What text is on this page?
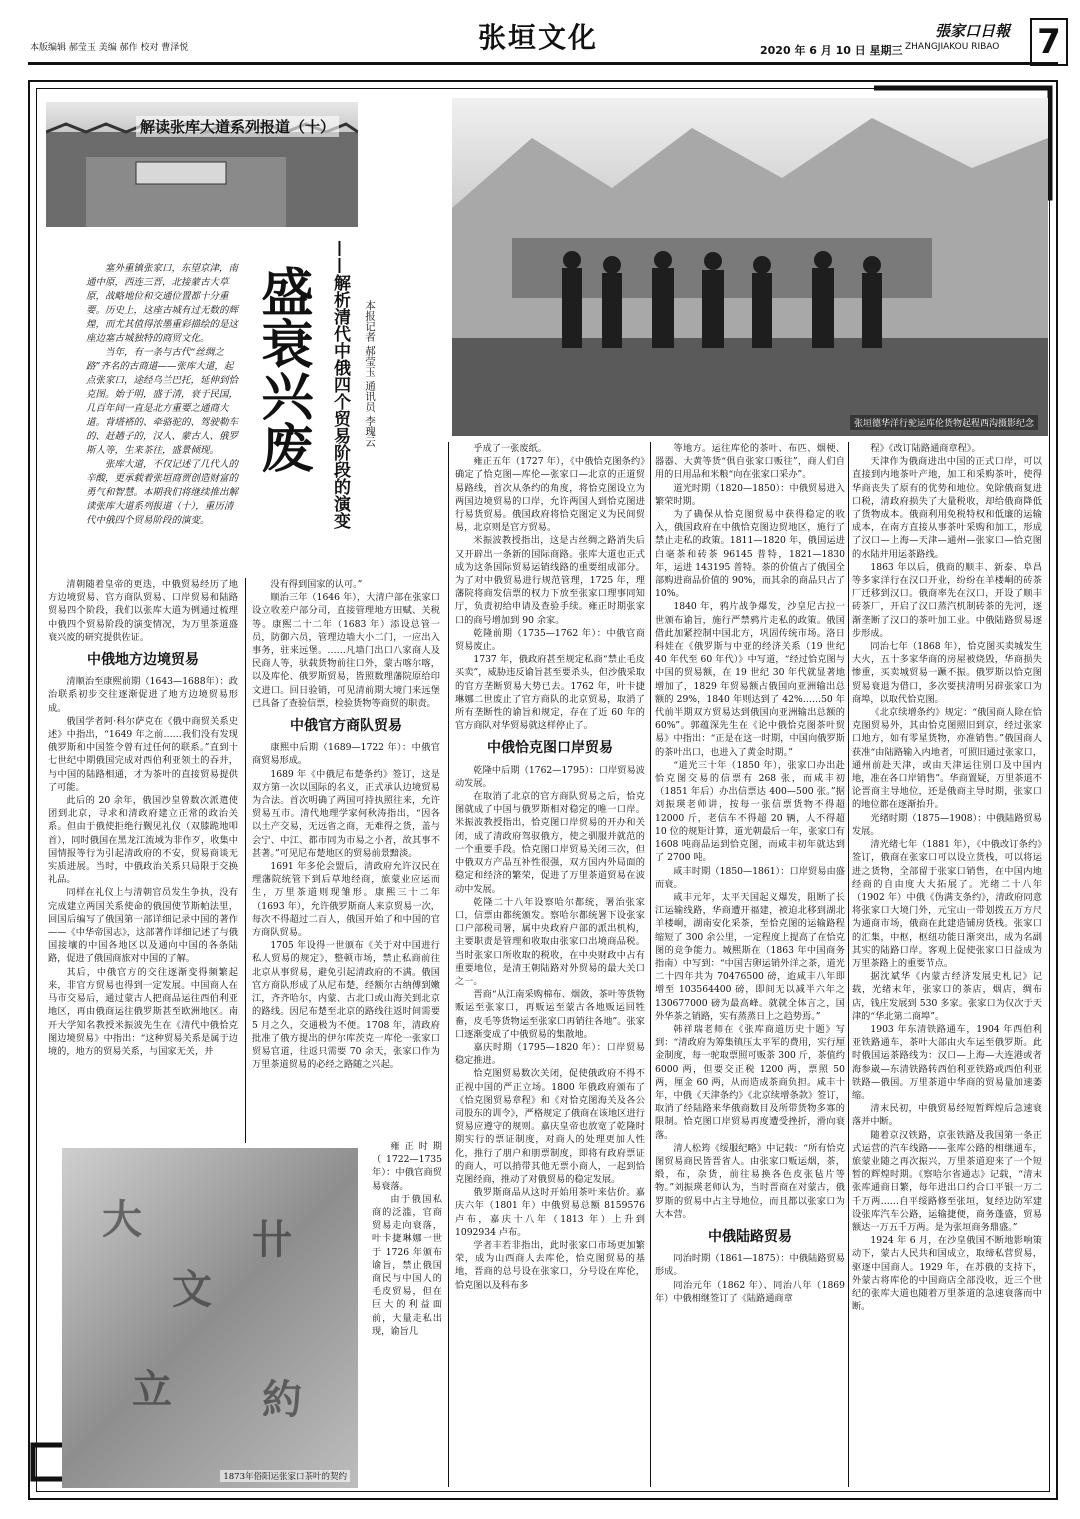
本版编辑 郝莹玉 美编 郝作 校对 曹泽悦	张垣文化	2020 年 6 月 10 日 星期三
張家口日報
ZHANGJIAKOU RIBAO 7
解读张库大道系列报道（十）
张垣德华洋行驼运库伦货物起程西沟摄影纪念

塞外重镇张家口，东望京津，南通中原，西连三晋，北接蒙古大草原，战略地位和交通位置都十分重要。历史上，这座古城有过无数的辉煌，而尤其值得浓墨重彩描绘的是这座边塞古城独特的商贸文化。

当年，有一条与古代“丝绸之路”齐名的古商道——张库大道，起点张家口，途经乌兰巴托，延伸到恰克图。始于明，盛于清，衰于民国，几百年间一直是北方重要之通商大道。背塔褡的、牵骆驼的、驾驶勒车的、赶趟子的，汉人、蒙古人、俄罗斯人等，生来茶往，盛景倾现。

张库大道，不仅记述了几代人的辛酸，更承载着张垣商贾创造财富的勇气和智慧。本期我们将继续推出解读张库大道系列报道（十），重历清代中俄四个贸易阶段的演变。

盛衰兴废 ——解析清代中俄四个贸易阶段的演变	本报记者 郝莹玉 通讯员 李瑰云

清朝随着皇帝的更迭，中俄贸易经历了地方边境贸易、官方商队贸易、口岸贸易和陆路贸易四个阶段，我们以张库大道为例通过梳理中俄四个贸易阶段的演变情况，为万里茶道盛衰兴废的研究提供佐证。

中俄地方边境贸易

清顺治至康熙前期（1643—1688年）：政治联系初步交往逐渐促进了地方边境贸易形成。

俄国学者阿·科尔萨克在《俄中商贸关系史述》中指出，“1649 年之前……我们没有发现俄罗斯和中国签令曾有过任何的联系。”直到十七世纪中期俄国完成对西伯利亚领土的吞并，与中国的陆路相通，才为茶叶的直接贸易提供了可能。

此后的 20 余年，俄国沙皇曾数次派遣使团到北京，寻求和清政府建立正常的政治关系。但由于俄使拒绝行觐见礼仪（双膝跪地叩首），同时俄国在黑龙江流域为非作歹，收集中国情报等行为引起清政府的不安，贸易商谈无实质进展。当时，中俄政治关系只局限于交换礼品。

同样在礼仪上与清朝官员发生争执，没有完成建立两国关系使命的俄国使节斯帕法里，回国后编写了俄国第一部详细记录中国的著作——《中华帝国志》，这部著作详细记述了与俄国接壤的中国各地区以及通向中国的各条陆路，促进了俄国商旅对中国的了解。

其后，中俄官方的交往逐渐变得频繁起来，非官方贸易也得到一定发展。中国商人在马市交易后，通过蒙古人把商品运往西伯利亚地区，再由俄商运往俄罗斯甚至欧洲地区。南开大学知名教授米振波先生在《清代中俄恰克图边境贸易》中指出：“这种贸易关系是属于边境的，地方的贸易关系，与国家无关，并

没有得到国家的认可。”

顺治三年（1646 年），大清户部在张家口设立收差户部分司，直接管理地方田赋、关税等。康熙二十二年（1683 年）添设总管一员，防御六员，管理边墙大小二门，一应出入事务，驻来远堡。……凡墙门出口八家商人及民商人等，驮载货物前往口外，蒙古喀尔喀，以及库伦、俄罗斯贸易，皆照数理藩院原给印文进口。回日验销，可见清前期大境门来远堡已具备了查验信票，检验货物等商贸的职责。

中俄官方商队贸易

康熙中后期（1689—1722 年）：中俄官商贸易形成。

1689 年《中俄尼布楚条约》签订，这是双方第一次以国际的名义，正式承认边境贸易为合法。首次明确了两国可持执照往来，允许贸易互市。清代地理学家何秋涛指出，“因各以土产交易，无远省之商，无难得之货，盖与会宁、中江、都市同为市易之小者，故其事不甚著。”可见尼布楚地区的贸易前景黯淡。

1691 年多伦会盟后，清政府允许汉民在理藩院统管下到后草地经商，旅蒙业应运而生，万里茶道则现雏形。康熙三十二年（1693 年），允许俄罗斯商人来京贸易一次，每次不得超过二百人，俄国开始了和中国的官方商队贸易。

1705 年设得一世颁布《关于对中国进行私人贸易的规定》，整顿市场，禁止私商前往北京从事贸易，避免引起清政府的不满。俄国官方商队形成了从尼布楚，经额尔古纳傅到嫩江，齐齐哈尔，内蒙、古北口或山海关到北京的路线。因尼布楚至北京的路线往返时间需要 5 月之久，交通极为不便。1708 年，清政府批准了俄方提出的伊尔库茨克一库伦一张家口贸易官道，往返只需要 70 余天，张家口作为万里茶道贸易的必经之路随之兴起。

雍正时期（1722—1735 年）：中俄官商贸易衰落。

由于俄国私商的泛滥，官商贸易走向衰落，叶卡捷琳娜一世于 1726 年颁布谕旨，禁止俄国商民与中国人的毛皮贸易，但在巨大的利益面前，大量走私出现，谕旨几

大
文
卄
立 約
1873年俗阳运张家口茶叶的契约

乎成了一张废纸。

雍正五年（1727 年），《中俄恰克图条约》确定了恰克图—库伦—张家口—北京的正道贸易路线，首次从条约的角度，将恰克图设立为两国边境贸易的口岸，允许两国人到恰克图进行易货贸易。俄国政府将恰克图定义为民间贸易，北京则是官方贸易。

米振波教授指出，这是古丝绸之路消失后又开辟出一条新的国际商路。张库大道也正式成为这条国际贸易运销线路的重要组成部分。为了对中俄贸易进行规范管理，1725 年，理藩院将商发信票的权力下放至张家口理事同知厅，负责初给申请及查验手续。雍正时期张家口的商号增加到 90 余家。

乾隆前期（1735—1762 年）：中俄官商贸易废止。

1737 年，俄政府甚至规定私商“禁止毛皮买卖”，威胁违反谕旨甚至要杀头，但沙俄采取的官方垄断贸易大势已去。1762 年，叶卡捷琳娜二世废止了官方商队的北京贸易，取消了所有垄断性的谕旨和规定，存在了近 60 年的官方商队对华贸易就这样停止了。

中俄恰克图口岸贸易

乾隆中后期（1762—1795）：口岸贸易波动发展。

在取消了北京的官方商队贸易之后，恰克图就成了中国与俄罗斯相对稳定的唯一口岸。米振波教授指出，恰克图口岸贸易的开办和关闭，成了清政府驾驭俄方，使之驯服并就范的一个重要手段。恰克图口岸贸易关闭三次，但中俄双方产品互补性很强，双方国内外局面的稳定和经济的繁荣，促进了万里茶道贸易在波动中发展。

乾隆二十八年设察哈尔都统，署治张家口，信票由都统颁发。察哈尔都统署下设张家口户部税司署，属中央政府户部的派出机构，主要职责是管理和收取由张家口出境商品税。当时张家口所收取的税收，在中央财政中占有重要地位，是清王朝陆路对外贸易的最大关口之一。

晋商“从江南采购棉布、烟敛，茶叶等货物贩运至张家口，再贩运至蒙古各地贩运回牲畜，皮毛等货物运至张家口再销往各地”。张家口逐渐变成了中俄贸易的集散地。

嘉庆时期（1795—1820 年）：口岸贸易稳定推进。

恰克图贸易数次关闭，促使俄政府不得不正视中国的严正立场。1800 年俄政府颁布了《恰克图贸易章程》和《对恰克图海关及各公司股东的训令》，严格规定了俄商在该地区进行贸易应遵守的规则。嘉庆皇帝也放宽了乾隆时期实行的票证制度，对商人的处理更加人性化，推行了朋户和朋票制度，即将有政府票证的商人，可以捎带其他无票小商人，一起到恰克图经商，推动了对俄贸易的稳定发展。

俄罗斯商品从这时开始用茶叶来估价。嘉庆六年（1801 年）中俄贸易总额 8159576 卢布，嘉庆十八年（1813 年）上升到 1092934 卢布。

学者丰若非指出，此时张家口市场更加繁荣，成为山西商人去库伦，恰克图贸易的基地，晋商的总号设在张家口，分号设在库伦，恰克图以及科布多

等地方。运往库伦的茶叶、布匹、烟梗、器器、大黄等货“俱自张家口贩往”，商人们自用的日用品和米粮“向在张家口采办”。

道光时期（1820—1850）：中俄贸易进入繁荣时期。

为了确保从恰克图贸易中获得稳定的收入，俄国政府在中俄恰克图边贸地区，施行了禁止走私的政策。1811—1820 年，俄国运进白毫茶和砖茶 96145 普特，1821—1830 年，运进 143195 普特。茶的价值占了俄国全部购进商品价值的 90%，而其余的商品只占了 10%。

1840 年，鸦片战争爆发，沙皇尼古拉一世颁布谕旨，施行严禁鸦片走私的政策。俄国借此加紧控制中国北方，巩固传统市场。洛日科娃在《俄罗斯与中亚的经济关系（19 世纪 40 年代至 60 年代）》中写道，“经过恰克图与中国的贸易额，在 19 世纪 30 年代就显著地增加了，1829 年贸易额占俄国向亚洲输出总额的 29%，1840 年则达到了 42%……50 年代前半期双方贸易达到俄国向亚洲输出总额的 60%”。郭蕴深先生在《论中俄恰克图茶叶贸易》中指出：“正是在这一时期，中国向俄罗斯的茶叶出口，也进入了黄金时期。”

“道光三十年（1850 年），张家口办出赴恰克图交易的信票有 268 张，而咸丰初（1851 年后）办出信票达 400—500 张。”据刘振瑛老师讲，按每一张信票货物不得超 12000 斤，老信车不得超 20 辆，人不得超 10 位的规矩计算，道光朝最后一年，张家口有 1608 吨商品运到恰克图，而咸丰初年就达到了 2700 吨。

咸丰时期（1850—1861）：口岸贸易由盛而衰。

咸丰元年，太平天国起义爆发，阻断了长江运输线路，华商遭开福建，被迫北移到湖北羊楼峒，湖南安化采茶，至恰克图的运输路程缩短了 300 余公里，一定程度上提高了在恰克图的竞争能力。城熙斯在（1863 年中国商务指南）中写到：“中国吉卵运销外洋之茶，道光二十四年共为 70476500 磅，迨咸丰八年即增至 103564400 磅，即间无以减半六年之 130677000 磅为最高峰。就就全体言之，国外华茶之销路，实有蒸蒸日上之趋势焉。”

韩祥瑞老师在《张库商道历史十题》写到：“清政府为筹集镇压太平军的费用，实行厘金制度，每一驼取票照可贩茶 300 斤，茶值约 6000 两，但要交正税 1200 两，票照 50 两，厘金 60 两，从而造成茶商负担。咸丰十年，中俄《天津条约》《北京续增条款》签订，取消了经陆路来华俄商数目及所带货物多寡的限制。恰克图口岸贸易再度遭受挫折，滑向衰落。

清人松筠《绥服纪略》中记载：“所有恰克图贸易商民皆晋省人。由张家口贩运烟，茶，缎，布，杂货，前往易换各色皮张毡片等物。”刘振瑛老师认为，当时晋商在对蒙古，俄罗斯的贸易中占主导地位，而且都以张家口为大本营。

中俄陆路贸易

同治时期（1861—1875）：中俄陆路贸易形成。

同治元年（1862 年）、同治八年（1869 年）中俄相继签订了《陆路通商章

程》《改订陆路通商章程》。

天津作为俄商进出中国的正式口岸，可以直接到内地茶叶产地，加工和采购茶叶，使得华商丧失了原有的优势和地位。免除俄商复进口税，清政府损失了大量税收，却给俄商降低了货物成本。俄商利用免税特权和低廉的运输成本，在南方直接从事茶叶采购和加工，形成了汉口—上海—天津—通州—张家口—恰克图的水陆并用运茶路线。

1863 年以后，俄商的顺丰、新泰、阜昌等多家洋行在汉口开业，纷纷在羊楼峒的砖茶厂迁移到汉口。俄商率先在汉口，开设了顺丰砖茶厂，开启了汉口蒸汽机制砖茶的先河，逐渐垄断了汉口的茶叶加工业。中俄陆路贸易逐步形成。

同治七年（1868 年），恰克图买卖城发生大火，五十多家华商的房屋被烧毁，华商损失惨重，买卖城贸易一蹶不振。俄罗斯以恰克图贸易衰退为借口，多次要挟清明另辟张家口为商埠，以取代恰克图。

《北京续增条约》规定：“俄国商人除在恰克图贸易外，其由恰克图照旧到京，经过张家口地方，如有零星货物，亦准销售。”俄国商人获准“由陆路输入内地者，可照旧通过张家口，通州前赴天津，或由天津运往别口及中国内地，准在各口岸销售”。华商置疑，万里茶道不论晋商主导地位，还是俄商主导时期，张家口的地位都在逐渐抬升。

光绪时期（1875—1908）：中俄陆路贸易发展。

清光绪七年（1881 年），《中俄改订条约》签订，俄商在张家口可以设立货栈，可以将运进之货物，全部留于张家口销售，在中国内地经商的自由度大大拓展了。光绪二十八年（1902 年）中俄《伪满支条约》，清政府同意将张家口大境门外，元宝山一带划拨五万方尺为通商市场，俄商在此建造铺房货栈。张家口的汇集，中枢，枢纽功能日渐突出，成为名副其实的陆路口岸。客观上促使张家口日益成为万里茶路上的重要节点。

据沈斌华《内蒙古经济发展史札记》记载，光绪末年，张家口的茶店，烟店，绸布店，钱庄发展到 530 多家。张家口为仅次于天津的“华北第二商埠”。

1903 年东清铁路通车，1904 年西伯利亚铁路通车，茶叶大部由火车运至俄罗斯。此时俄国运茶路线为：汉口—上海—大连港或者海参崴—东清铁路转西伯利亚铁路或西伯利亚铁路—俄国。万里茶道中华商的贸易量加速萎缩。

清末民初，中俄贸易经短暂辉煌后急速衰落并中断。

随着京汉铁路，京张铁路及我国第一条正式运营的汽车线路——张库公路的相继通车，旅蒙业随之再次振兴，万里茶道迎来了一个短暂的辉煌时期。《察哈尔省通志》记载，“清末张库通商日繁，每年进出口约合口平银一万二千万两……自平绥路修至张垣，复经边防军建设张库汽车公路，运输捷便，商务蓬盛，贸易额达一万五千万两。是为张垣商务鼎盛。”

1924 年 6 月，在沙皇俄国不断地影响策动下，蒙古人民共和国成立，取缔私营贸易，驱逐中国商人。1929 年，在苏俄的支持下，外蒙古将库伦的中国商店全部没收，近三个世纪的张库大道也随着万里茶道的急速衰落而中断。
